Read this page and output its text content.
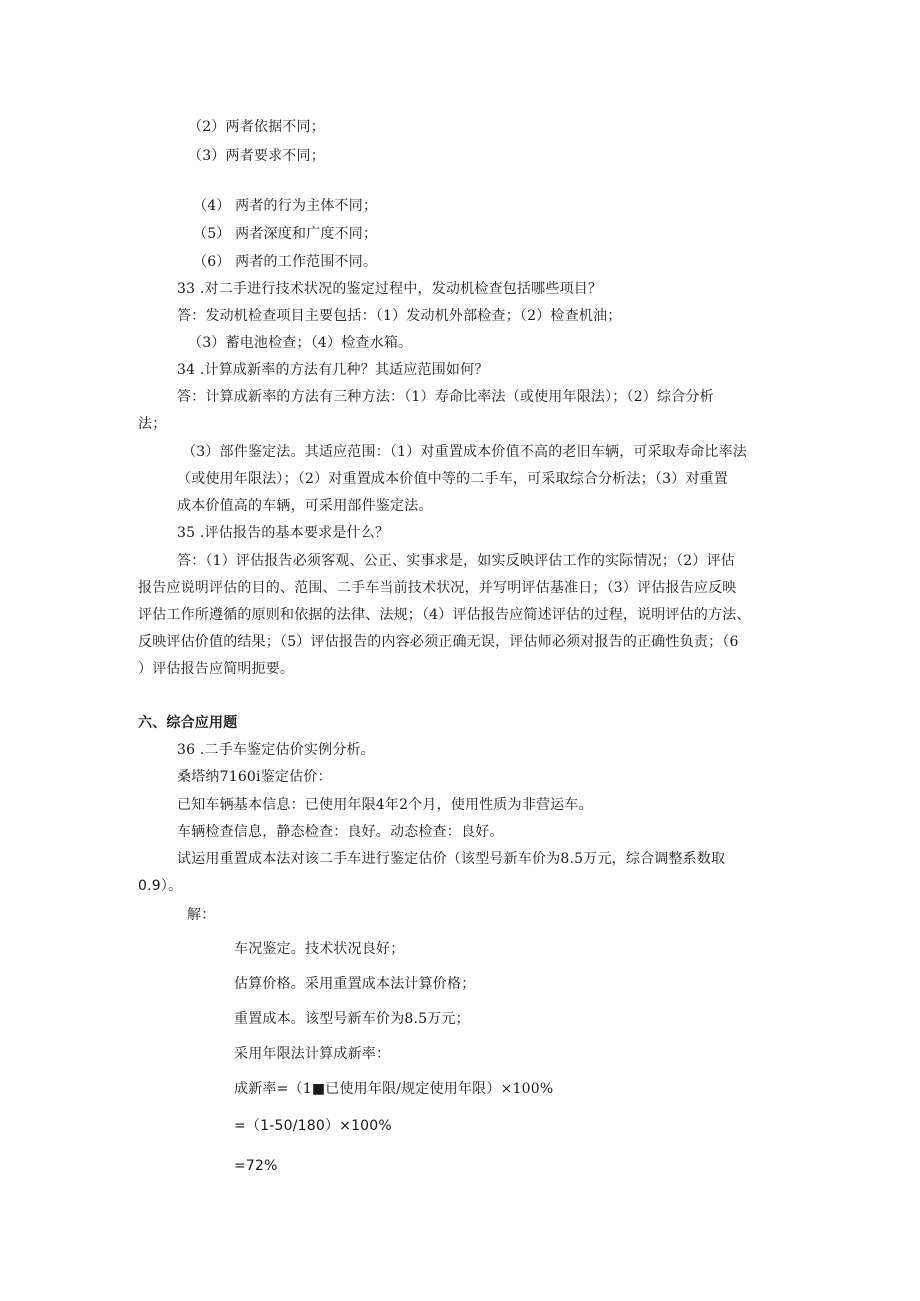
（2）两者依据不同；
（3）两者要求不同；
（4） 两者的行为主体不同；
（5） 两者深度和广度不同；
（6） 两者的工作范围不同。
33 .对二手进行技术状况的鉴定过程中，发动机检查包括哪些项目？
答：发动机检查项目主要包括：（1）发动机外部检查；（2）检查机油；
（3）蓄电池检查；（4）检查水箱。
34 .计算成新率的方法有几种？其适应范围如何？
答：计算成新率的方法有三种方法：（1）寿命比率法（或使用年限法）；（2）综合分析
法；
（3）部件鉴定法。其适应范围：（1）对重置成本价值不高的老旧车辆，可采取寿命比率法
（或使用年限法）；（2）对重置成本价值中等的二手车，可采取综合分析法；（3）对重置
成本价值高的车辆，可采用部件鉴定法。
35 .评估报告的基本要求是什么？
答：（1）评估报告必须客观、公正、实事求是，如实反映评估工作的实际情况；（2）评估
报告应说明评估的目的、范围、二手车当前技术状况，并写明评估基准日；（3）评估报告应反映
评估工作所遵循的原则和依据的法律、法规；（4）评估报告应简述评估的过程，说明评估的方法、
反映评估价值的结果；（5）评估报告的内容必须正确无误，评估师必须对报告的正确性负责；（6
）评估报告应简明扼要。
六、综合应用题
36 .二手车鉴定估价实例分析。
桑塔纳7160i鉴定估价：
已知车辆基本信息：已使用年限4年2个月，使用性质为非营运车。
车辆检查信息，静态检查：良好。动态检查：良好。
试运用重置成本法对该二手车进行鉴定估价（该型号新车价为8.5万元，综合调整系数取
0.9）。
解：
车况鉴定。技术状况良好；
估算价格。采用重置成本法计算价格；
重置成本。该型号新车价为8.5万元；
采用年限法计算成新率：
成新率=（1■已使用年限/规定使用年限）×100%
=（1-50/180）×100%
=72%
